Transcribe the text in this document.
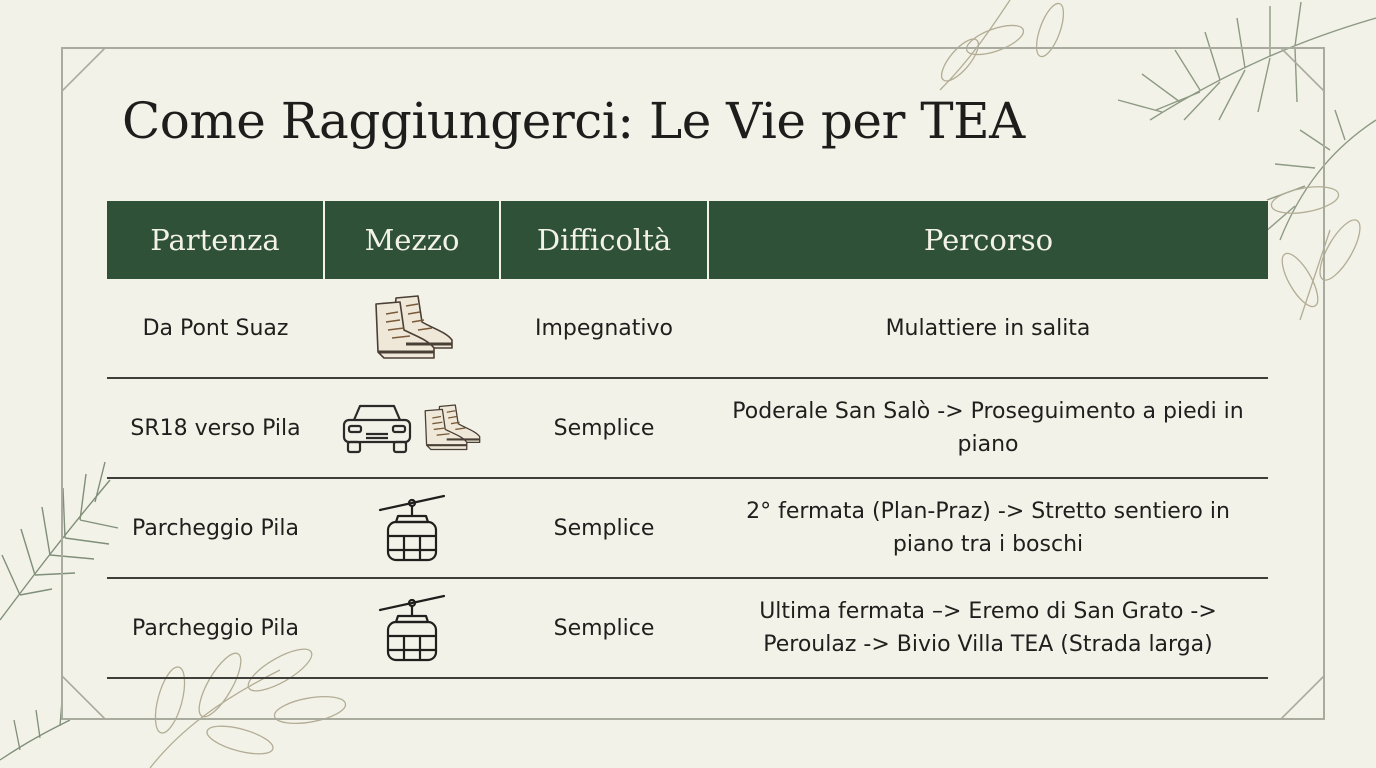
Come Raggiungerci: Le Vie per TEA
Partenza	Mezzo	Difficoltà	Percorso
Da Pont Suaz		Impegnativo	Mulattiere in salita
SR18 verso Pila		Semplice	Poderale San Salò -> Proseguimento a piedi in piano
Parcheggio Pila		Semplice	2° fermata (Plan-Praz) -> Stretto sentiero in piano tra i boschi
Parcheggio Pila		Semplice	Ultima fermata –> Eremo di San Grato -> Peroulaz -> Bivio Villa TEA (Strada larga)
